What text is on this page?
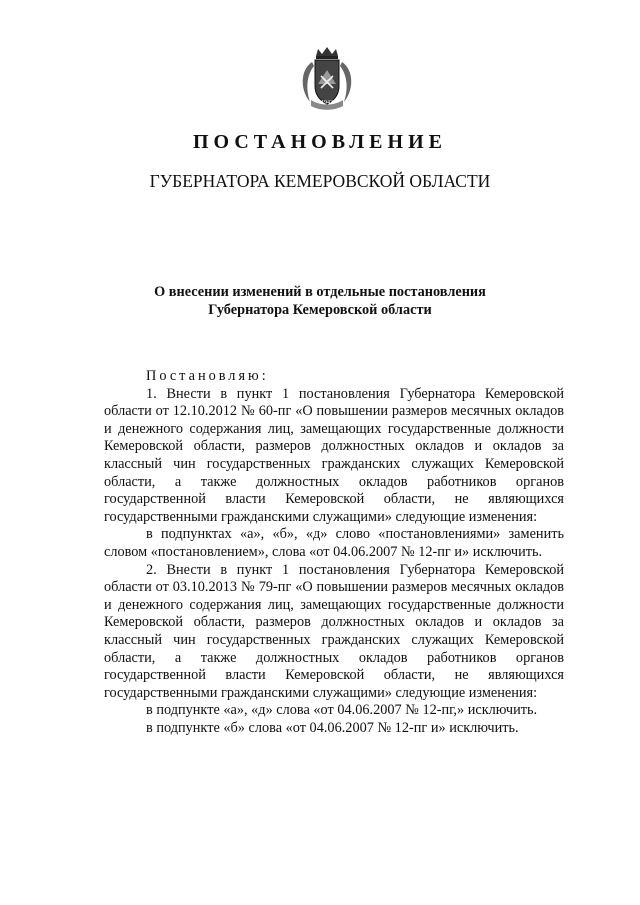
1943
ПОСТАНОВЛЕНИЕ
ГУБЕРНАТОРА КЕМЕРОВСКОЙ ОБЛАСТИ
О внесении изменений в отдельные постановления
Губернатора Кемеровской области

Постановляю:

1. Внести в пункт 1 постановления Губернатора Кемеровской области от 12.10.2012 № 60-пг «О повышении размеров месячных окладов и денежного содержания лиц, замещающих государственные должности Кемеровской области, размеров должностных окладов и окладов за классный чин государственных гражданских служащих Кемеровской области, а также должностных окладов работников органов государственной власти Кемеровской области, не являющихся государственными гражданскими служащими» следующие изменения:

в подпунктах «а», «б», «д» слово «постановлениями» заменить словом «постановлением», слова «от 04.06.2007 № 12-пг и» исключить.

2. Внести в пункт 1 постановления Губернатора Кемеровской области от 03.10.2013 № 79-пг «О повышении размеров месячных окладов и денежного содержания лиц, замещающих государственные должности Кемеровской области, размеров должностных окладов и окладов за классный чин государственных гражданских служащих Кемеровской области, а также должностных окладов работников органов государственной власти Кемеровской области, не являющихся государственными гражданскими служащими» следующие изменения:

в подпункте «а», «д» слова «от 04.06.2007 № 12-пг,» исключить.

в подпункте «б» слова «от 04.06.2007 № 12-пг и» исключить.
